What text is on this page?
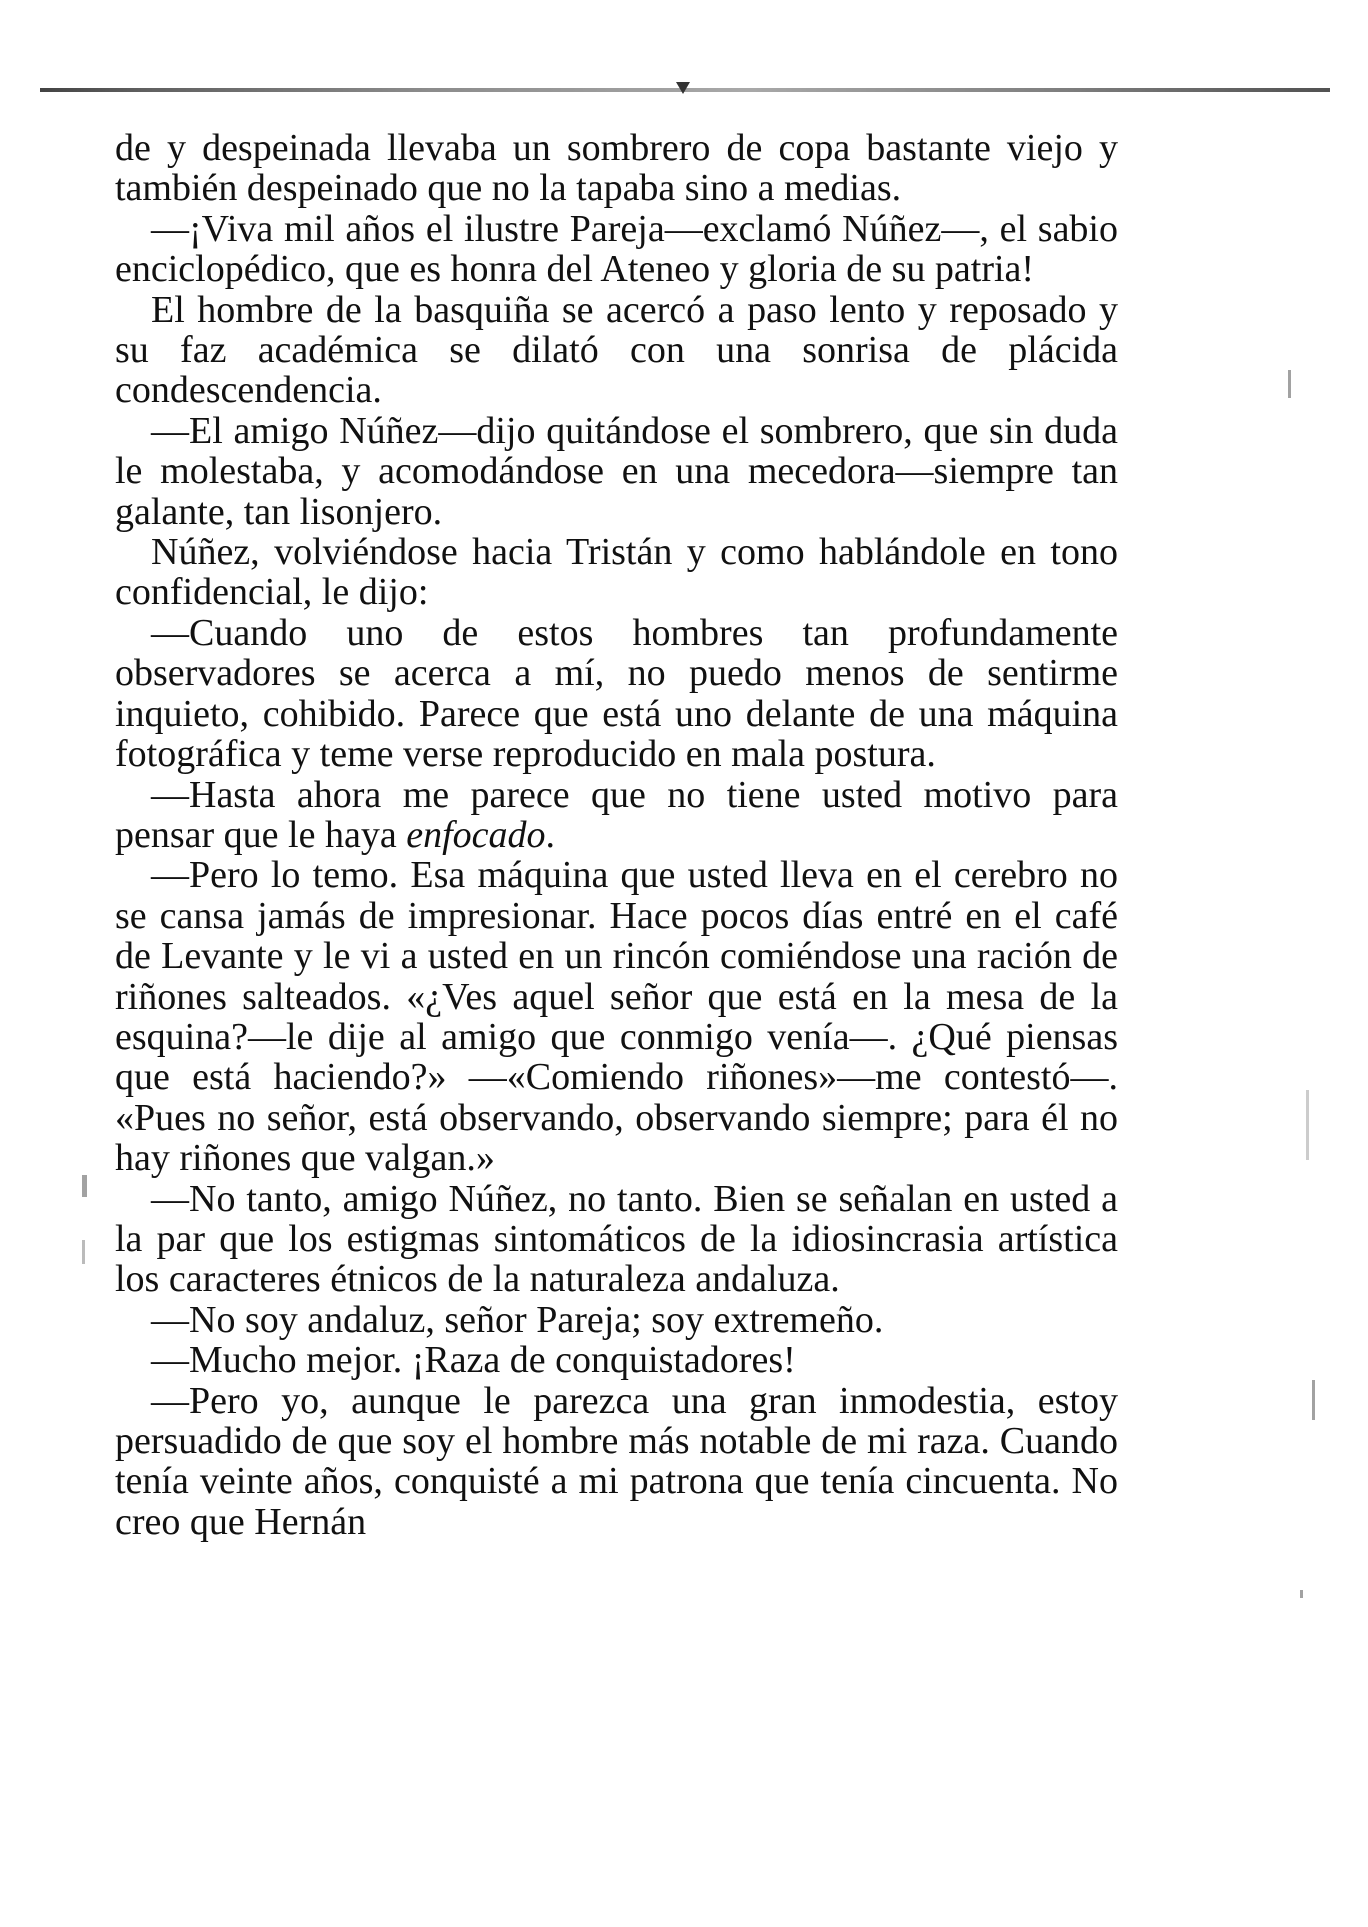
de y despeinada llevaba un sombrero de copa bastante viejo y también despeinado que no la tapaba sino a medias.

—¡Viva mil años el ilustre Pareja—exclamó Núñez—, el sabio enciclopédico, que es honra del Ateneo y gloria de su patria!

El hombre de la basquiña se acercó a paso lento y reposado y su faz académica se dilató con una sonrisa de plácida condescendencia.

—El amigo Núñez—dijo quitándose el sombrero, que sin duda le molestaba, y acomodándose en una mecedora—siempre tan galante, tan lisonjero.

Núñez, volviéndose hacia Tristán y como hablándole en tono confidencial, le dijo:

—Cuando uno de estos hombres tan profundamente observadores se acerca a mí, no puedo menos de sentirme inquieto, cohibido. Parece que está uno delante de una máquina fotográfica y teme verse reproducido en mala postura.

—Hasta ahora me parece que no tiene usted motivo para pensar que le haya enfocado.

—Pero lo temo. Esa máquina que usted lleva en el cerebro no se cansa jamás de impresionar. Hace pocos días entré en el café de Levante y le vi a usted en un rincón comiéndose una ración de riñones salteados. «¿Ves aquel señor que está en la mesa de la esquina?—le dije al amigo que conmigo venía—. ¿Qué piensas que está haciendo?» —«Comiendo riñones»—me contestó—. «Pues no señor, está observando, observando siempre; para él no hay riñones que valgan.»

—No tanto, amigo Núñez, no tanto. Bien se señalan en usted a la par que los estigmas sintomáticos de la idiosincrasia artística los caracteres étnicos de la naturaleza andaluza.

—No soy andaluz, señor Pareja; soy extremeño.

—Mucho mejor. ¡Raza de conquistadores!

—Pero yo, aunque le parezca una gran inmodestia, estoy persuadido de que soy el hombre más notable de mi raza. Cuando tenía veinte años, conquisté a mi patrona que tenía cincuenta. No creo que Hernán
